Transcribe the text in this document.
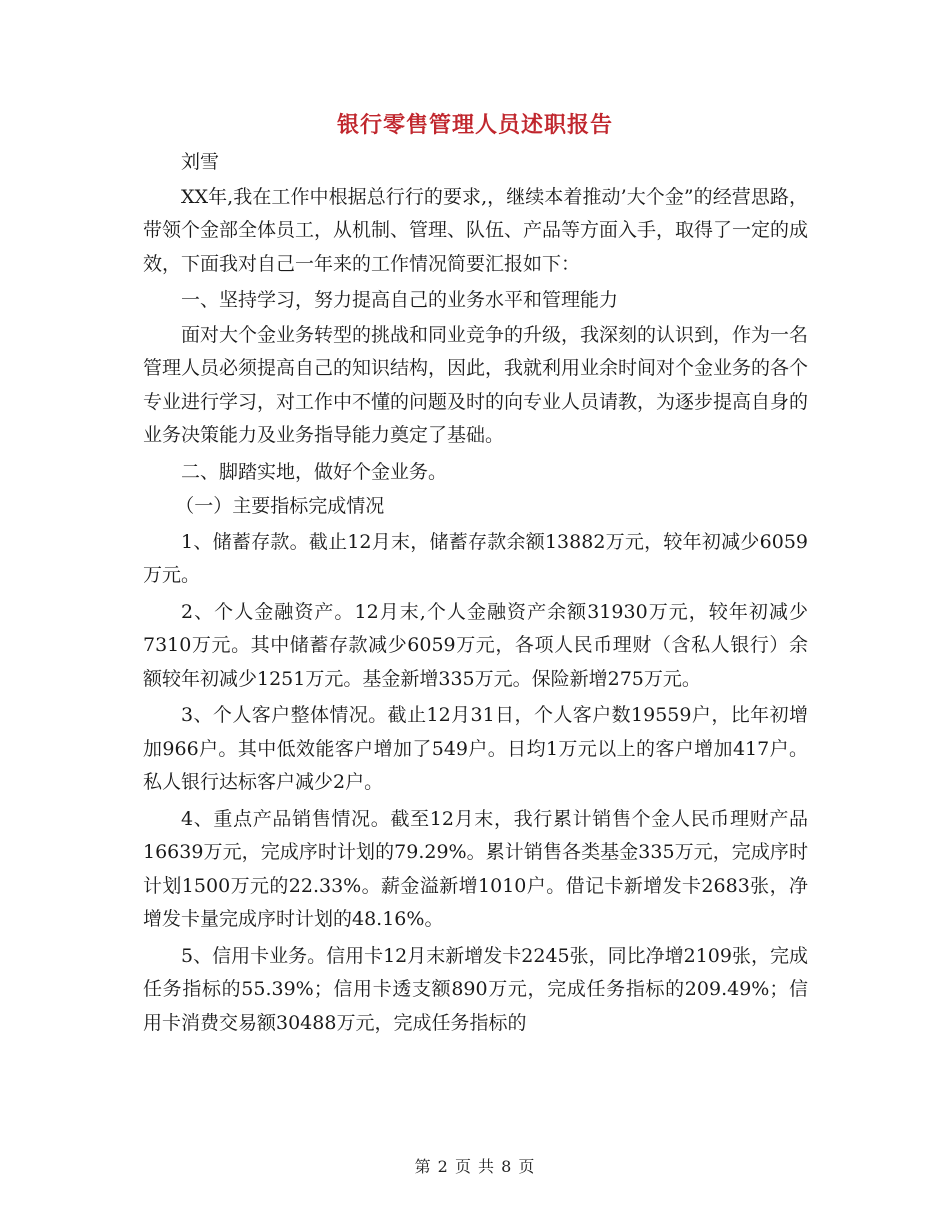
银行零售管理人员述职报告

刘雪

XX年,我在工作中根据总行行的要求,，继续本着推动’大个金”的经营思路，带领个金部全体员工，从机制、管理、队伍、产品等方面入手，取得了一定的成效，下面我对自己一年来的工作情况简要汇报如下：

一、坚持学习，努力提高自己的业务水平和管理能力

面对大个金业务转型的挑战和同业竞争的升级，我深刻的认识到，作为一名管理人员必须提高自己的知识结构，因此，我就利用业余时间对个金业务的各个专业进行学习，对工作中不懂的问题及时的向专业人员请教，为逐步提高自身的业务决策能力及业务指导能力奠定了基础。

二、脚踏实地，做好个金业务。

（一）主要指标完成情况

1、储蓄存款。截止12月末，储蓄存款余额13882万元，较年初减少6059万元。

2、个人金融资产。12月末,个人金融资产余额31930万元，较年初减少7310万元。其中储蓄存款减少6059万元，各项人民币理财（含私人银行）余额较年初减少1251万元。基金新增335万元。保险新增275万元。

3、个人客户整体情况。截止12月31日，个人客户数19559户，比年初增加966户。其中低效能客户增加了549户。日均1万元以上的客户增加417户。私人银行达标客户减少2户。

4、重点产品销售情况。截至12月末，我行累计销售个金人民币理财产品16639万元，完成序时计划的79.29%。累计销售各类基金335万元，完成序时计划1500万元的22.33%。薪金溢新增1010户。借记卡新增发卡2683张，净增发卡量完成序时计划的48.16%。

5、信用卡业务。信用卡12月末新增发卡2245张，同比净增2109张，完成任务指标的55.39%；信用卡透支额890万元，完成任务指标的209.49%；信用卡消费交易额30488万元，完成任务指标的

第 2 页 共 8 页
